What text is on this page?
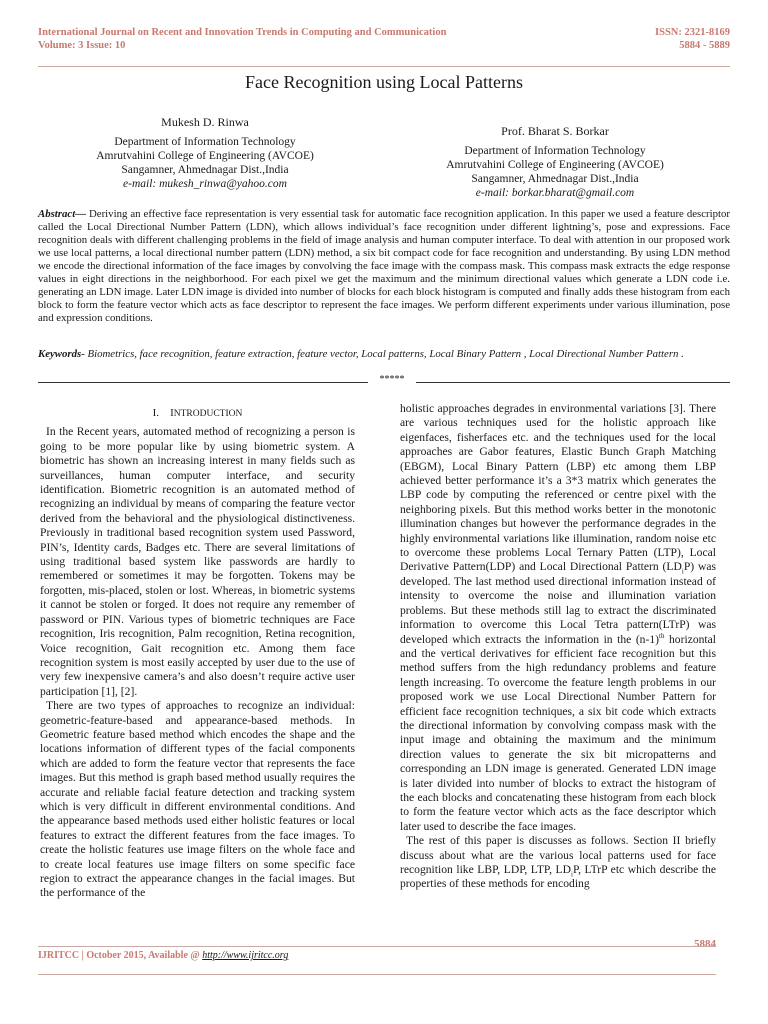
International Journal on Recent and Innovation Trends in Computing and Communication
Volume: 3 Issue: 10
ISSN: 2321-8169
5884 - 5889
Face Recognition using Local Patterns
Mukesh D. Rinwa
Department of Information Technology
Amrutvahini College of Engineering (AVCOE)
Sangamner, Ahmednagar Dist.,India
e-mail: mukesh_rinwa@yahoo.com
Prof. Bharat S. Borkar
Department of Information Technology
Amrutvahini College of Engineering (AVCOE)
Sangamner, Ahmednagar Dist.,India
e-mail: borkar.bharat@gmail.com
Abstract— Deriving an effective face representation is very essential task for automatic face recognition application. In this paper we used a feature descriptor called the Local Directional Number Pattern (LDN), which allows individual’s face recognition under different lightning’s, pose and expressions. Face recognition deals with different challenging problems in the field of image analysis and human computer interface. To deal with attention in our proposed work we use local patterns, a local directional number pattern (LDN) method, a six bit compact code for face recognition and understanding. By using LDN method we encode the directional information of the face images by convolving the face image with the compass mask. This compass mask extracts the edge response values in eight directions in the neighborhood. For each pixel we get the maximum and the minimum directional values which generate a LDN code i.e. generating an LDN image. Later LDN image is divided into number of blocks for each block histogram is computed and finally adds these histogram from each block to form the feature vector which acts as face descriptor to represent the face images. We perform different experiments under various illumination, pose and expression conditions.
Keywords- Biometrics, face recognition, feature extraction, feature vector, Local patterns, Local Binary Pattern , Local Directional Number Pattern .
*****
I. INTRODUCTION

In the Recent years, automated method of recognizing a person is going to be more popular like by using biometric system. A biometric has shown an increasing interest in many fields such as surveillances, human computer interface, and security identification. Biometric recognition is an automated method of recognizing an individual by means of comparing the feature vector derived from the behavioral and the physiological distinctiveness. Previously in traditional based recognition system used Password, PIN’s, Identity cards, Badges etc. There are several limitations of using traditional based system like passwords are hardly to remembered or sometimes it may be forgotten. Tokens may be forgotten, mis-placed, stolen or lost. Whereas, in biometric systems it cannot be stolen or forged. It does not require any remember of password or PIN. Various types of biometric techniques are Face recognition, Iris recognition, Palm recognition, Retina recognition, Voice recognition, Gait recognition etc. Among them face recognition system is most easily accepted by user due to the use of very few inexpensive camera’s and also doesn’t require active user participation [1], [2].

There are two types of approaches to recognize an individual: geometric-feature-based and appearance-based methods. In Geometric feature based method which encodes the shape and the locations information of different types of the facial components which are added to form the feature vector that represents the face images. But this method is graph based method usually requires the accurate and reliable facial feature detection and tracking system which is very difficult in different environmental conditions. And the appearance based methods used either holistic features or local features to extract the different features from the face images. To create the holistic features use image filters on the whole face and to create local features use image filters on some specific face region to extract the appearance changes in the facial images. But the performance of the

holistic approaches degrades in environmental variations [3]. There are various techniques used for the holistic approach like eigenfaces, fisherfaces etc. and the techniques used for the local approaches are Gabor features, Elastic Bunch Graph Matching (EBGM), Local Binary Pattern (LBP) etc among them LBP achieved better performance it’s a 3*3 matrix which generates the LBP code by computing the referenced or centre pixel with the neighboring pixels. But this method works better in the monotonic illumination changes but however the performance degrades in the highly environmental variations like illumination, random noise etc to overcome these problems Local Ternary Patten (LTP), Local Derivative Pattern(LDP) and Local Directional Pattern $(LD_iP)$ was developed. The last method used directional information instead of intensity to overcome the noise and illumination variation problems. But these methods still lag to extract the discriminated information to overcome this Local Tetra pattern(LTrP) was developed which extracts the information in the $(n-1)^{th}$ horizontal and the vertical derivatives for efficient face recognition but this method suffers from the high redundancy problems and feature length increasing. To overcome the feature length problems in our proposed work we use Local Directional Number Pattern for efficient face recognition techniques, a six bit code which extracts the directional information by convolving compass mask with the input image and obtaining the maximum and the minimum direction values to generate the six bit micropatterns and corresponding an LDN image is generated. Generated LDN image is later divided into number of blocks to extract the histogram of the each blocks and concatenating these histogram from each block to form the feature vector which acts as the face descriptor which later used to describe the face images.

The rest of this paper is discusses as follows. Section II briefly discuss about what are the various local patterns used for face recognition like LBP, LDP, LTP, $LD_iP$, LTrP etc which describe the properties of these methods for encoding

5884
IJRITCC | October 2015, Available @ http://www.ijritcc.org
